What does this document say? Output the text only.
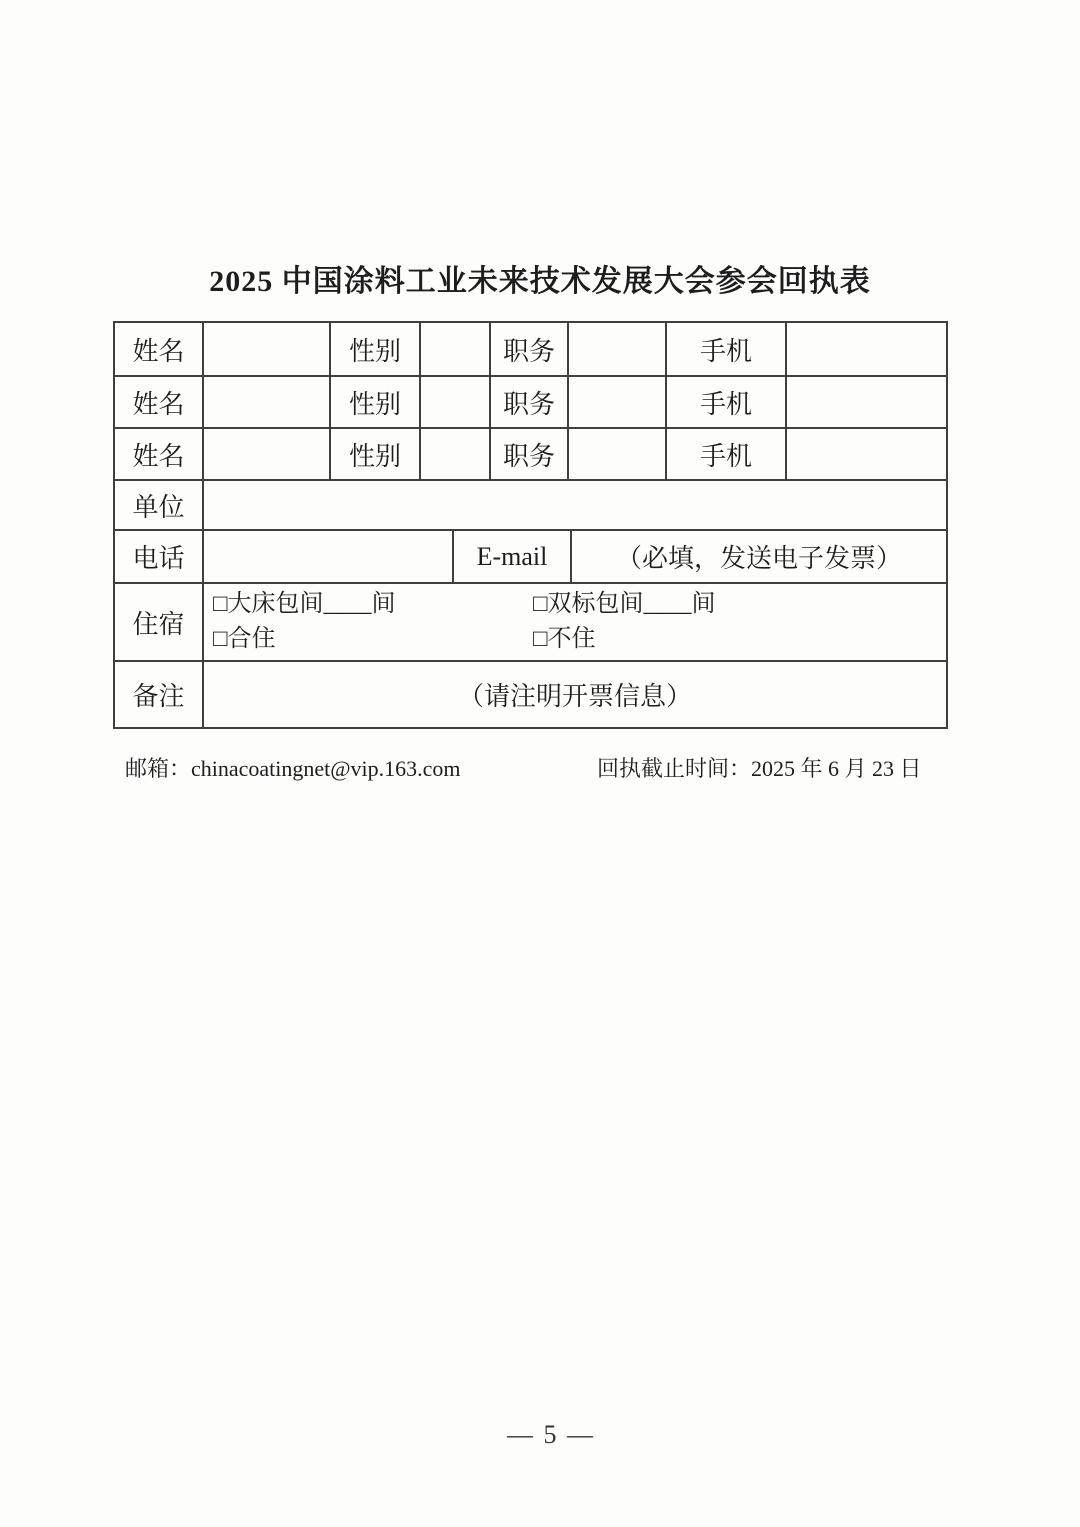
2025 中国涂料工业未来技术发展大会参会回执表
姓名	性别	职务	手机
姓名	性别	职务	手机
姓名	性别	职务	手机
单位
电话	E-mail	（必填，发送电子发票）
住宿
□大床包间____间	□双标包间____间
□合住	□不住
备注	（请注明开票信息）
邮箱：chinacoatingnet@vip.163.com	回执截止时间：2025 年 6 月 23 日
— 5 —
